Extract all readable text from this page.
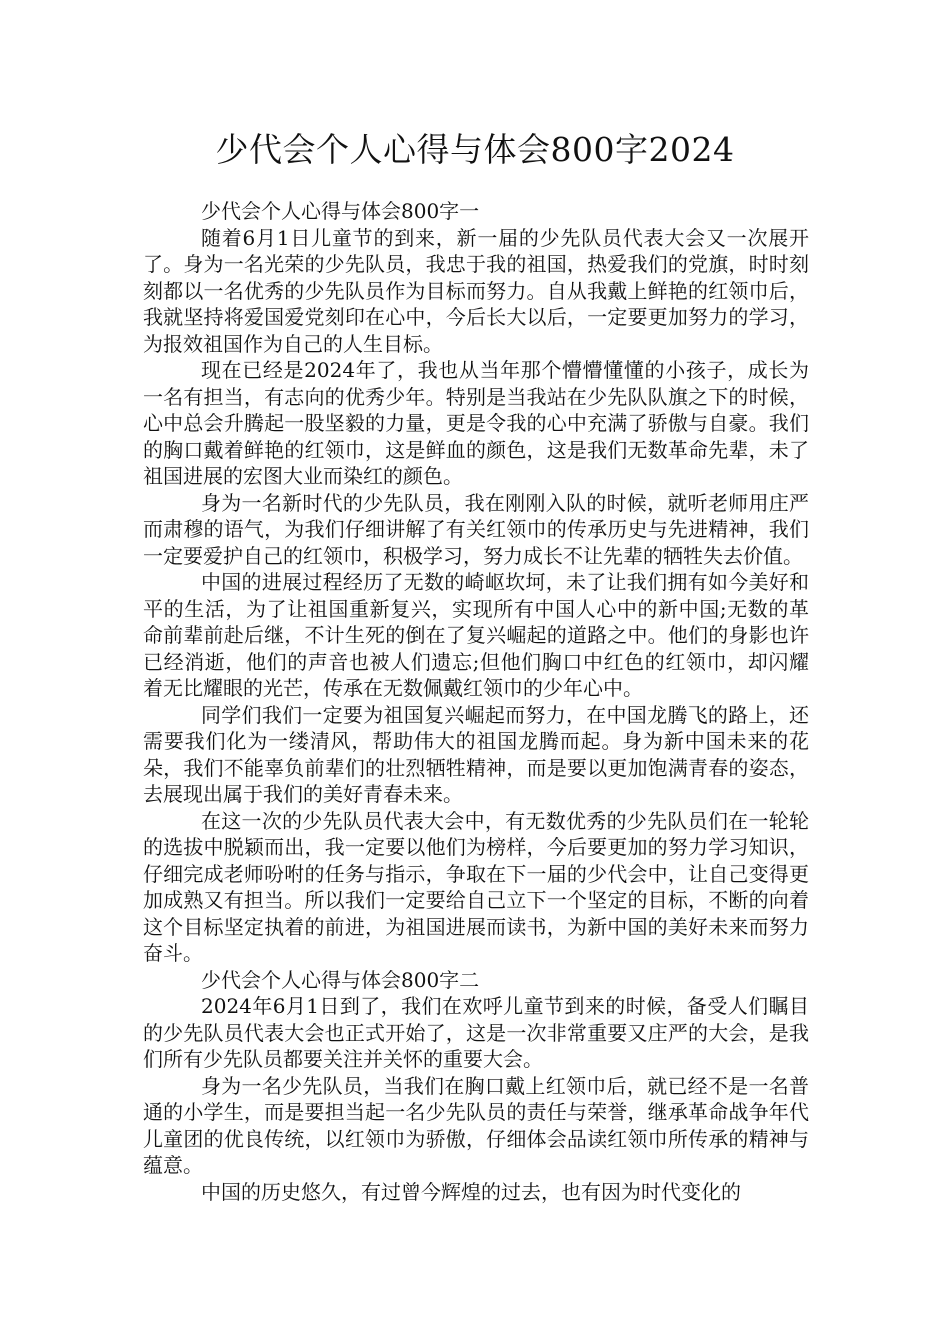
少代会个人心得与体会800字2024

少代会个人心得与体会800字一

随着6月1日儿童节的到来，新一届的少先队员代表大会又一次展开了。身为一名光荣的少先队员，我忠于我的祖国，热爱我们的党旗，时时刻刻都以一名优秀的少先队员作为目标而努力。自从我戴上鲜艳的红领巾后，我就坚持将爱国爱党刻印在心中，今后长大以后，一定要更加努力的学习，为报效祖国作为自己的人生目标。

现在已经是2024年了，我也从当年那个懵懵懂懂的小孩子，成长为一名有担当，有志向的优秀少年。特别是当我站在少先队队旗之下的时候，心中总会升腾起一股坚毅的力量，更是令我的心中充满了骄傲与自豪。我们的胸口戴着鲜艳的红领巾，这是鲜血的颜色，这是我们无数革命先辈，未了祖国进展的宏图大业而染红的颜色。

身为一名新时代的少先队员，我在刚刚入队的时候，就听老师用庄严而肃穆的语气，为我们仔细讲解了有关红领巾的传承历史与先进精神，我们一定要爱护自己的红领巾，积极学习，努力成长不让先辈的牺牲失去价值。

中国的进展过程经历了无数的崎岖坎坷，未了让我们拥有如今美好和平的生活，为了让祖国重新复兴，实现所有中国人心中的新中国;无数的革命前辈前赴后继，不计生死的倒在了复兴崛起的道路之中。他们的身影也许已经消逝，他们的声音也被人们遗忘;但他们胸口中红色的红领巾，却闪耀着无比耀眼的光芒，传承在无数佩戴红领巾的少年心中。

同学们我们一定要为祖国复兴崛起而努力，在中国龙腾飞的路上，还需要我们化为一缕清风，帮助伟大的祖国龙腾而起。身为新中国未来的花朵，我们不能辜负前辈们的壮烈牺牲精神，而是要以更加饱满青春的姿态，去展现出属于我们的美好青春未来。

在这一次的少先队员代表大会中，有无数优秀的少先队员们在一轮轮的选拔中脱颖而出，我一定要以他们为榜样，今后要更加的努力学习知识，仔细完成老师吩咐的任务与指示，争取在下一届的少代会中，让自己变得更加成熟又有担当。所以我们一定要给自己立下一个坚定的目标，不断的向着这个目标坚定执着的前进，为祖国进展而读书，为新中国的美好未来而努力奋斗。

少代会个人心得与体会800字二

2024年6月1日到了，我们在欢呼儿童节到来的时候，备受人们瞩目的少先队员代表大会也正式开始了，这是一次非常重要又庄严的大会，是我们所有少先队员都要关注并关怀的重要大会。

身为一名少先队员，当我们在胸口戴上红领巾后，就已经不是一名普通的小学生，而是要担当起一名少先队员的责任与荣誉，继承革命战争年代儿童团的优良传统，以红领巾为骄傲，仔细体会品读红领巾所传承的精神与蕴意。

中国的历史悠久，有过曾今辉煌的过去，也有因为时代变化的
